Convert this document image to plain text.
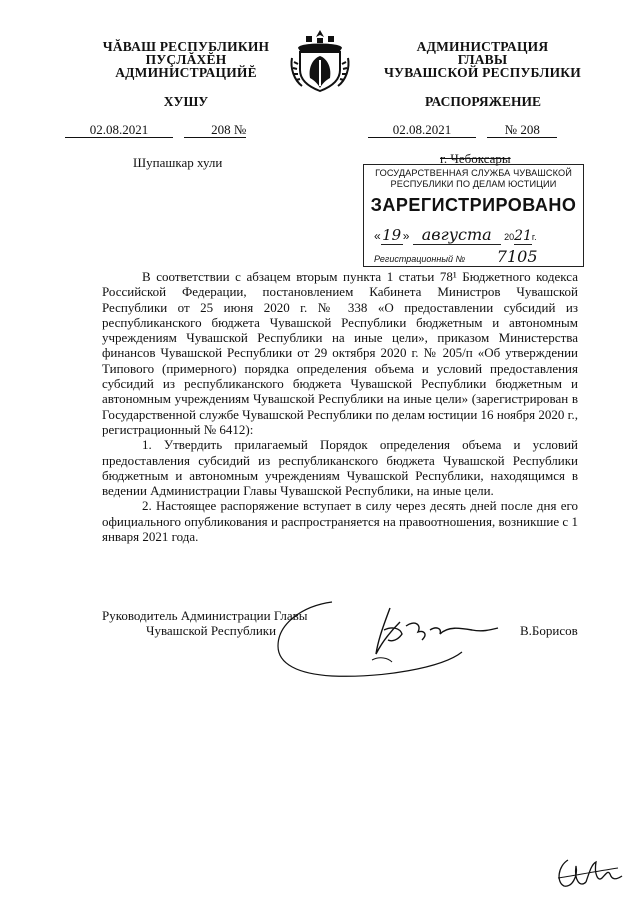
ЧĂВАШ РЕСПУБЛИКИН
ПУÇЛĂХĔН
АДМИНИСТРАЦИЙĔ
АДМИНИСТРАЦИЯ
ГЛАВЫ
ЧУВАШСКОЙ РЕСПУБЛИКИ
ХУШУ	РАСПОРЯЖЕНИЕ
02.08.2021	208 №	02.08.2021	№ 208
Шупашкар хули	г. Чебоксары
ГОСУДАРСТВЕННАЯ СЛУЖБА ЧУВАШСКОЙ РЕСПУБЛИКИ ПО ДЕЛАМ ЮСТИЦИИ
ЗАРЕГИСТРИРОВАНО
«19» августа 2021г.
Регистрационный № 7105

В соответствии с абзацем вторым пункта 1 статьи 78¹ Бюджетного кодекса Российской Федерации, постановлением Кабинета Министров Чувашской Республики от 25 июня 2020 г. № 338 «О предоставлении субсидий из республиканского бюджета Чувашской Республики бюджетным и автономным учреждениям Чувашской Республики на иные цели», приказом Министерства финансов Чувашской Республики от 29 октября 2020 г. № 205/п «Об утверждении Типового (примерного) порядка определения объема и условий предоставления субсидий из республиканского бюджета Чувашской Республики бюджетным и автономным учреждениям Чувашской Республики на иные цели» (зарегистрирован в Государственной службе Чувашской Республики по делам юстиции 16 ноября 2020 г., регистрационный № 6412):

1. Утвердить прилагаемый Порядок определения объема и условий предоставления субсидий из республиканского бюджета Чувашской Республики бюджетным и автономным учреждениям Чувашской Республики, находящимся в ведении Администрации Главы Чувашской Республики, на иные цели.

2. Настоящее распоряжение вступает в силу через десять дней после дня его официального опубликования и распространяется на правоотношения, возникшие с 1 января 2021 года.

Руководитель Администрации Главы
Чувашской Республики	В.Борисов
